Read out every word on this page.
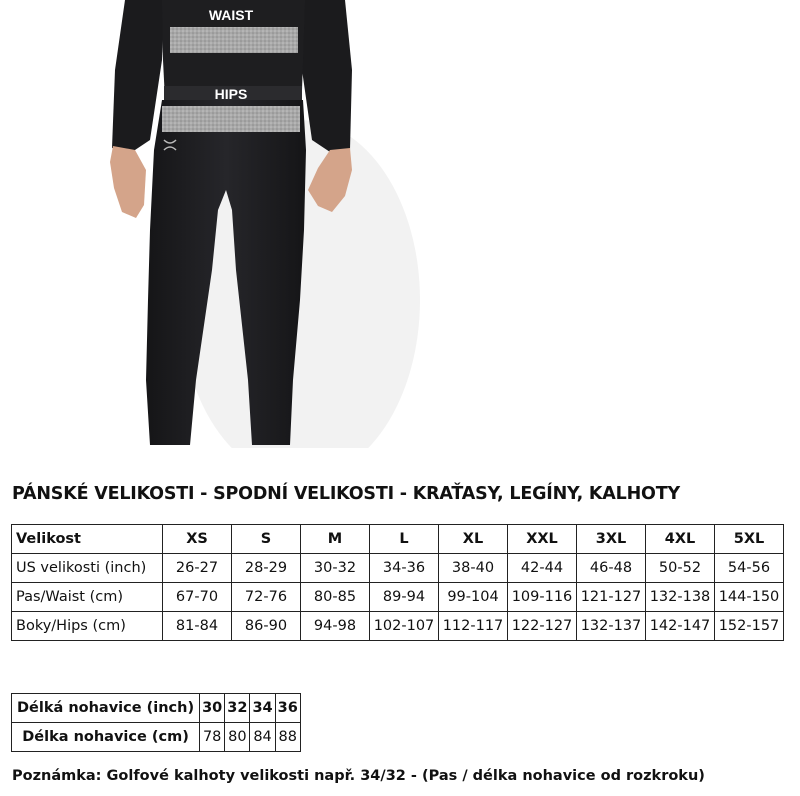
WAIST
HIPS
PÁNSKÉ VELIKOSTI - SPODNÍ VELIKOSTI - KRAŤASY, LEGÍNY, KALHOTY
Velikost	XS	S	M	L	XL	XXL	3XL	4XL	5XL
US velikosti (inch)	26-27	28-29	30-32	34-36	38-40	42-44	46-48	50-52	54-56
Pas/Waist (cm)	67-70	72-76	80-85	89-94	99-104	109-116	121-127	132-138	144-150
Boky/Hips (cm)	81-84	86-90	94-98	102-107	112-117	122-127	132-137	142-147	152-157
Délká nohavice (inch)	30	32	34	36
Délka nohavice (cm)	78	80	84	88
Poznámka: Golfové kalhoty velikosti např. 34/32 - (Pas / délka nohavice od rozkroku)
